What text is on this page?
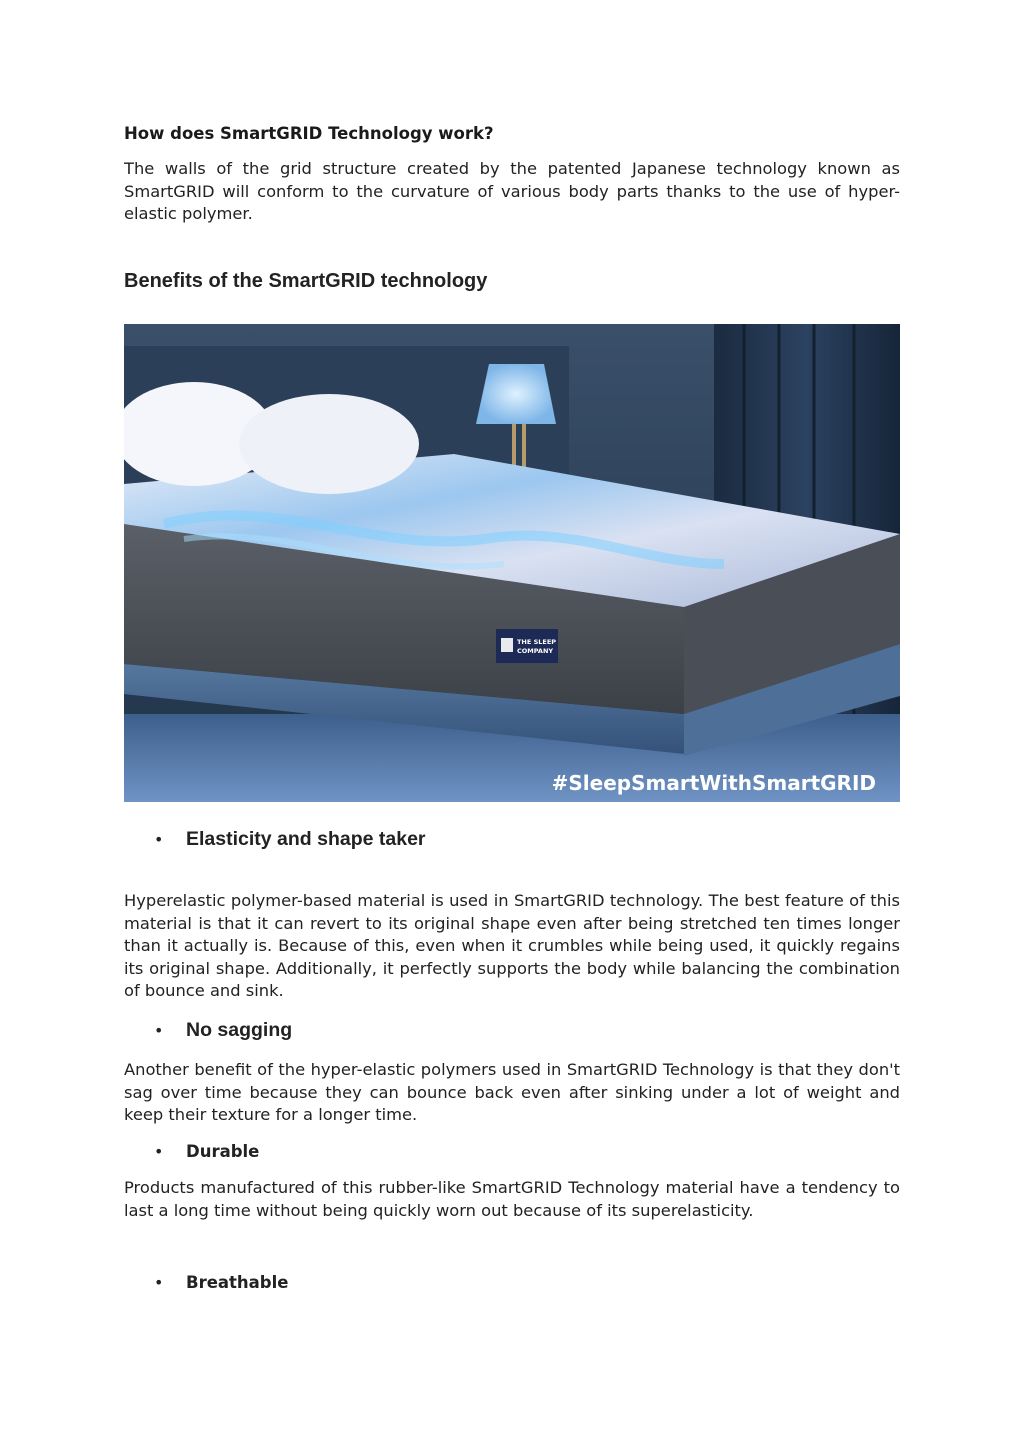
How does SmartGRID Technology work?

The walls of the grid structure created by the patented Japanese technology known as SmartGRID will conform to the curvature of various body parts thanks to the use of hyper-elastic polymer.

Benefits of the SmartGRID technology
THE SLEEP
COMPANY
#SleepSmartWithSmartGRID
•	Elasticity and shape taker

Hyperelastic polymer-based material is used in SmartGRID technology. The best feature of this material is that it can revert to its original shape even after being stretched ten times longer than it actually is. Because of this, even when it crumbles while being used, it quickly regains its original shape. Additionally, it perfectly supports the body while balancing the combination of bounce and sink.

•	No sagging

Another benefit of the hyper-elastic polymers used in SmartGRID Technology is that they don't sag over time because they can bounce back even after sinking under a lot of weight and keep their texture for a longer time.

•	Durable

Products manufactured of this rubber-like SmartGRID Technology material have a tendency to last a long time without being quickly worn out because of its superelasticity.

•	Breathable
